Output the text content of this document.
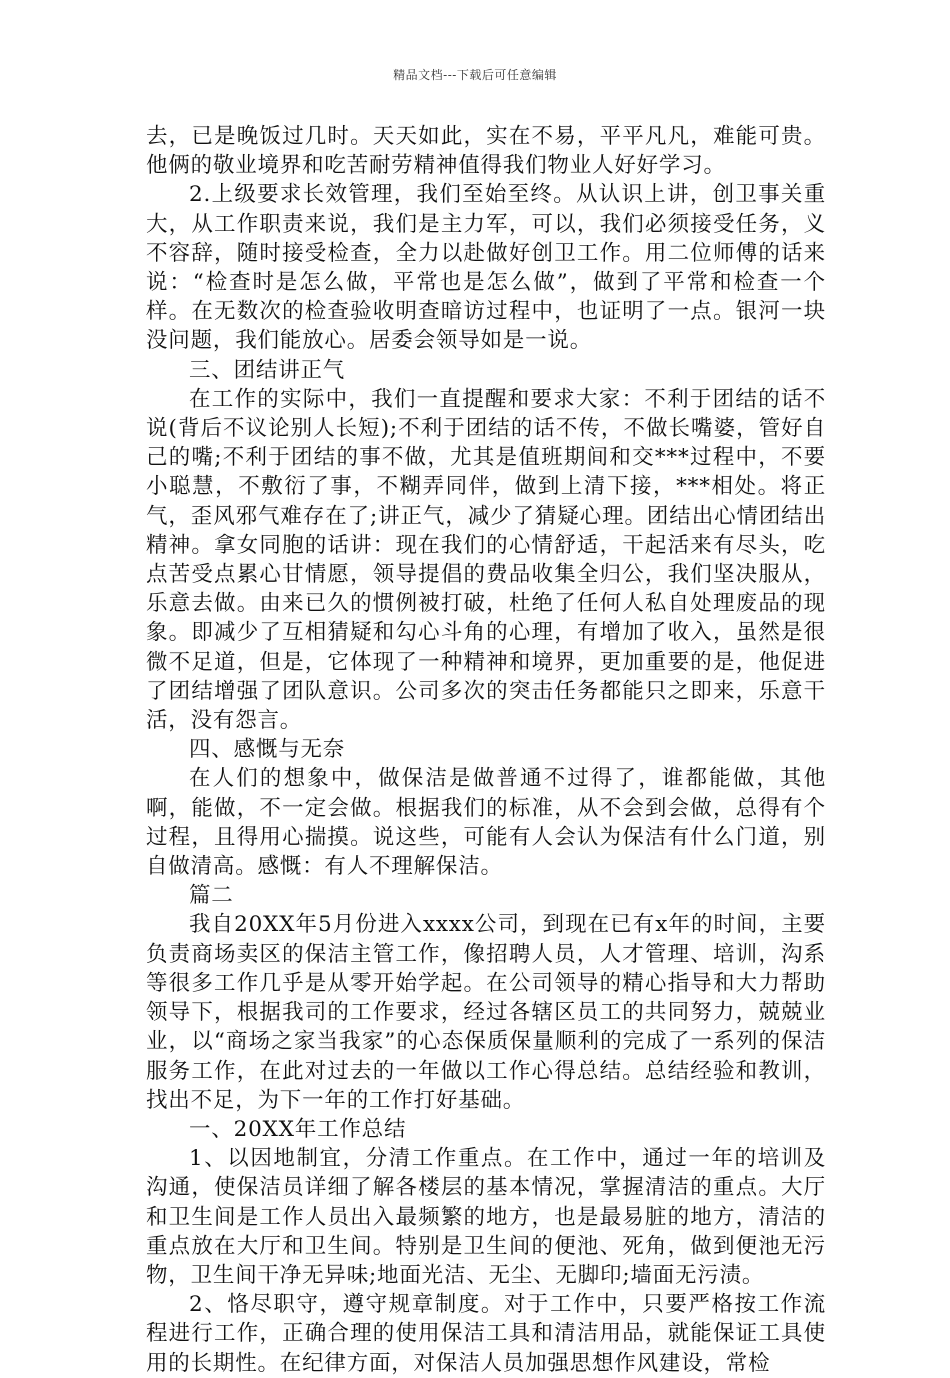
精品文档---下载后可任意编辑

去，已是晚饭过几时。天天如此，实在不易，平平凡凡，难能可贵。他俩的敬业境界和吃苦耐劳精神值得我们物业人好好学习。

2.上级要求长效管理，我们至始至终。从认识上讲，创卫事关重大，从工作职责来说，我们是主力军，可以，我们必须接受任务，义不容辞，随时接受检查，全力以赴做好创卫工作。用二位师傅的话来说：“检查时是怎么做，平常也是怎么做”，做到了平常和检查一个样。在无数次的检查验收明查暗访过程中，也证明了一点。银河一块没问题，我们能放心。居委会领导如是一说。

三、团结讲正气

在工作的实际中，我们一直提醒和要求大家：不利于团结的话不说(背后不议论别人长短);不利于团结的话不传，不做长嘴婆，管好自己的嘴;不利于团结的事不做，尤其是值班期间和交***过程中，不要小聪慧，不敷衍了事，不糊弄同伴，做到上清下接，***相处。将正气，歪风邪气难存在了;讲正气，减少了猜疑心理。团结出心情团结出精神。拿女同胞的话讲：现在我们的心情舒适，干起活来有尽头，吃点苦受点累心甘情愿，领导提倡的费品收集全归公，我们坚决服从，乐意去做。由来已久的惯例被打破，杜绝了任何人私自处理废品的现象。即减少了互相猜疑和勾心斗角的心理，有增加了收入，虽然是很微不足道，但是，它体现了一种精神和境界，更加重要的是，他促进了团结增强了团队意识。公司多次的突击任务都能只之即来，乐意干活，没有怨言。

四、感慨与无奈

在人们的想象中，做保洁是做普通不过得了，谁都能做，其他啊，能做，不一定会做。根据我们的标准，从不会到会做，总得有个过程，且得用心揣摸。说这些，可能有人会认为保洁有什么门道，别自做清高。感慨：有人不理解保洁。

篇二

我自20XX年5月份进入xxxx公司，到现在已有x年的时间，主要负责商场卖区的保洁主管工作，像招聘人员，人才管理、培训，沟系等很多工作几乎是从零开始学起。在公司领导的精心指导和大力帮助领导下，根据我司的工作要求，经过各辖区员工的共同努力，兢兢业业，以“商场之家当我家”的心态保质保量顺利的完成了一系列的保洁服务工作，在此对过去的一年做以工作心得总结。总结经验和教训，找出不足，为下一年的工作打好基础。

一、20XX年工作总结

1、以因地制宜，分清工作重点。在工作中，通过一年的培训及沟通，使保洁员详细了解各楼层的基本情况，掌握清洁的重点。大厅和卫生间是工作人员出入最频繁的地方，也是最易脏的地方，清洁的重点放在大厅和卫生间。特别是卫生间的便池、死角，做到便池无污物，卫生间干净无异味;地面光洁、无尘、无脚印;墙面无污渍。

2、恪尽职守，遵守规章制度。对于工作中，只要严格按工作流程进行工作，正确合理的使用保洁工具和清洁用品，就能保证工具使用的长期性。在纪律方面，对保洁人员加强思想作风建设，常检
